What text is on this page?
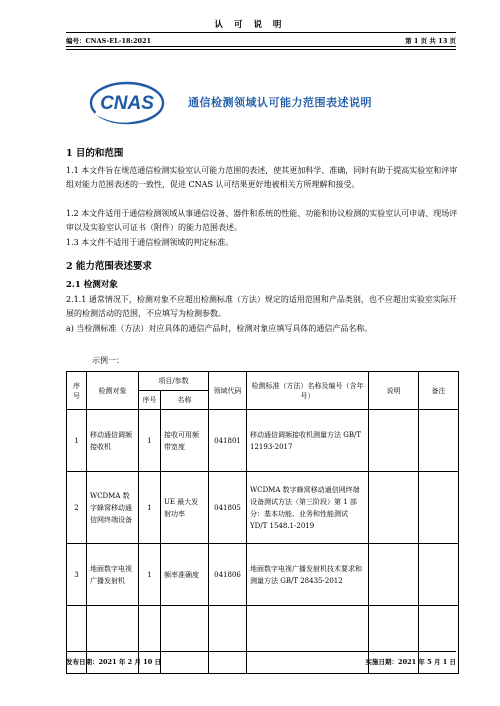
认 可 说 明
编号：CNAS-EL-18:2021	第 1 页 共 13 页
CNAS	通信检测领域认可能力范围表述说明
1 目的和范围
1.1 本文件旨在规范通信检测实验室认可能力范围的表述，使其更加科学、准确，同时有助于提高实验室和评审组对能力范围表述的一致性，促进 CNAS 认可结果更好地被相关方所理解和接受。
1.2 本文件适用于通信检测领域从事通信设备、器件和系统的性能、功能和协议检测的实验室认可申请、现场评审以及实验室认可证书（附件）的能力范围表述。
1.3 本文件不适用于通信检测领域的判定标准。
2 能力范围表述要求
2.1 检测对象
2.1.1 通常情况下，检测对象不应超出检测标准（方法）规定的适用范围和产品类别，也不应超出实验室实际开展的检测活动的范围，不应填写为检测参数。
a) 当检测标准（方法）对应具体的通信产品时，检测对象应填写具体的通信产品名称。
示例一：
序号	检测对象	项目/参数		领域代码	检测标准（方法）名称及编号（含年号）	说明	备注
		序号	名称				
1	移动通信调频接收机	1	接收可用频带宽度	041801	移动通信调频接收机测量方法 GB/T 12193-2017		
2	WCDMA 数字蜂窝移动通信网终端设备	1	UE 最大发射功率	041805	WCDMA 数字蜂窝移动通信网终端设备测试方法（第三阶段）第 1 部分：基本功能、业务和性能测试 YD/T 1548.1-2019		
3	地面数字电视广播发射机	1	频率准确度	041806	地面数字电视广播发射机技术要求和测量方法 GB/T 28435-2012		

发布日期：2021 年 2 月 10 日	实施日期：2021 年 5 月 1 日
